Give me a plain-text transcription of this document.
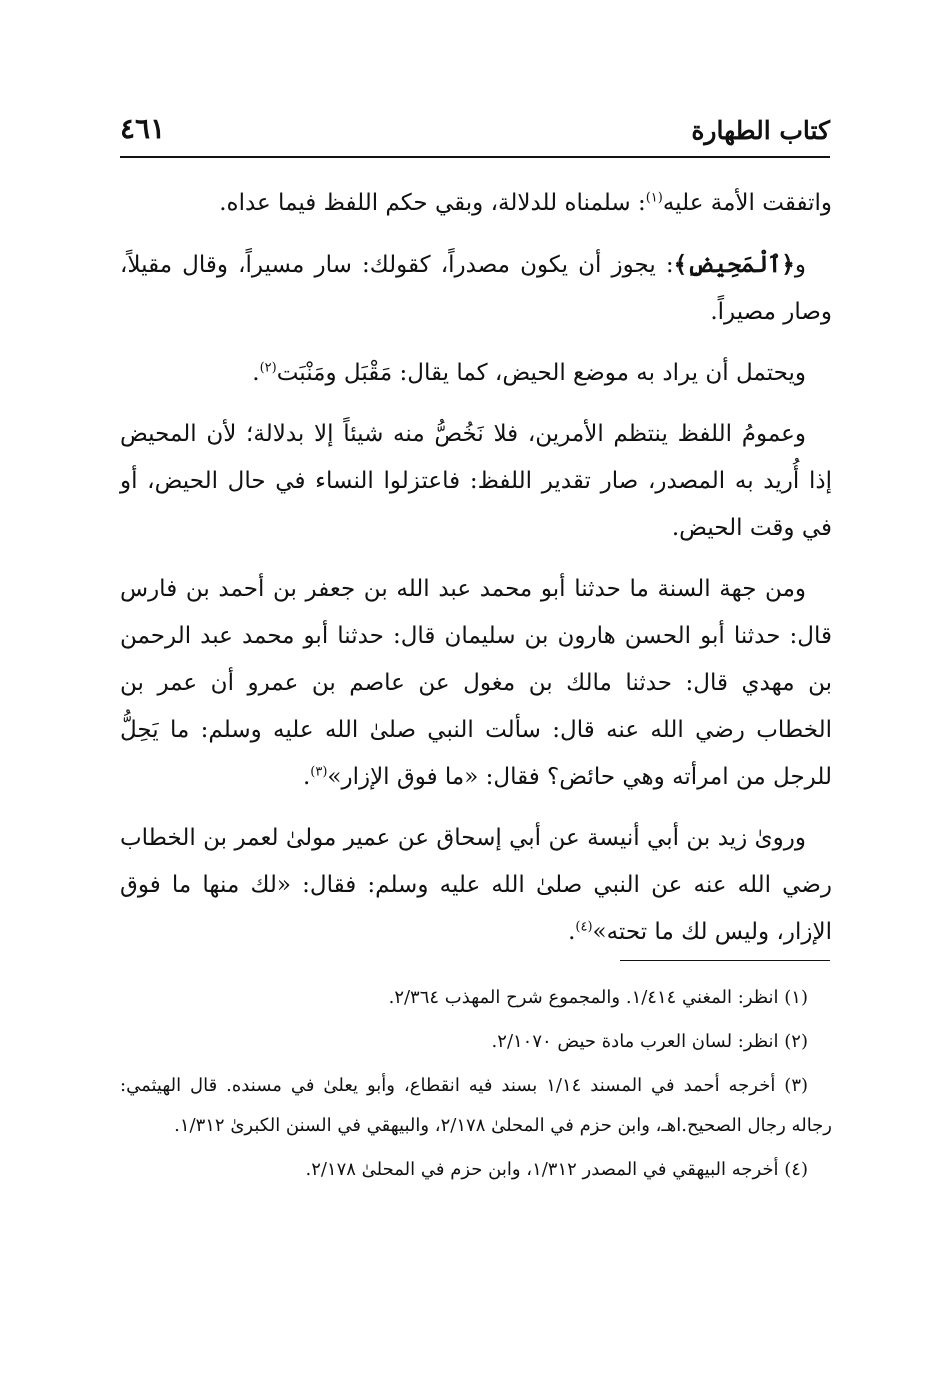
كتاب الطهارة
٤٦١

واتفقت الأمة عليه$^{(١)}$: سلمناه للدلالة، وبقي حكم اللفظ فيما عداه.

و﴿ٱلْمَحِيضِ﴾: يجوز أن يكون مصدراً، كقولك: سار مسيراً، وقال مقيلاً، وصار مصيراً.

ويحتمل أن يراد به موضع الحيض، كما يقال: مَقْبَل ومَنْبَت$^{(٢)}$.

وعمومُ اللفظ ينتظم الأمرين، فلا نَخُصُّ منه شيئاً إلا بدلالة؛ لأن المحيض إذا أُريد به المصدر، صار تقدير اللفظ: فاعتزلوا النساء في حال الحيض، أو في وقت الحيض.

ومن جهة السنة ما حدثنا أبو محمد عبد الله بن جعفر بن أحمد بن فارس قال: حدثنا أبو الحسن هارون بن سليمان قال: حدثنا أبو محمد عبد الرحمن بن مهدي قال: حدثنا مالك بن مغول عن عاصم بن عمرو أن عمر بن الخطاب رضي الله عنه قال: سألت النبي صلىٰ الله عليه وسلم: ما يَحِلُّ للرجل من امرأته وهي حائض؟ فقال: «ما فوق الإزار»$^{(٣)}$.

وروىٰ زيد بن أبي أنيسة عن أبي إسحاق عن عمير مولىٰ لعمر بن الخطاب رضي الله عنه عن النبي صلىٰ الله عليه وسلم: فقال: «لك منها ما فوق الإزار، وليس لك ما تحته»$^{(٤)}$.

(١) انظر: المغني ١/٤١٤. والمجموع شرح المهذب ٢/٣٦٤.

(٢) انظر: لسان العرب مادة حيض ٢/١٠٧٠.

(٣) أخرجه أحمد في المسند ١/١٤ بسند فيه انقطاع، وأبو يعلىٰ في مسنده. قال الهيثمي: رجاله رجال الصحيح.اهـ، وابن حزم في المحلىٰ ٢/١٧٨، والبيهقي في السنن الكبرىٰ ١/٣١٢.

(٤) أخرجه البيهقي في المصدر ١/٣١٢، وابن حزم في المحلىٰ ٢/١٧٨.
